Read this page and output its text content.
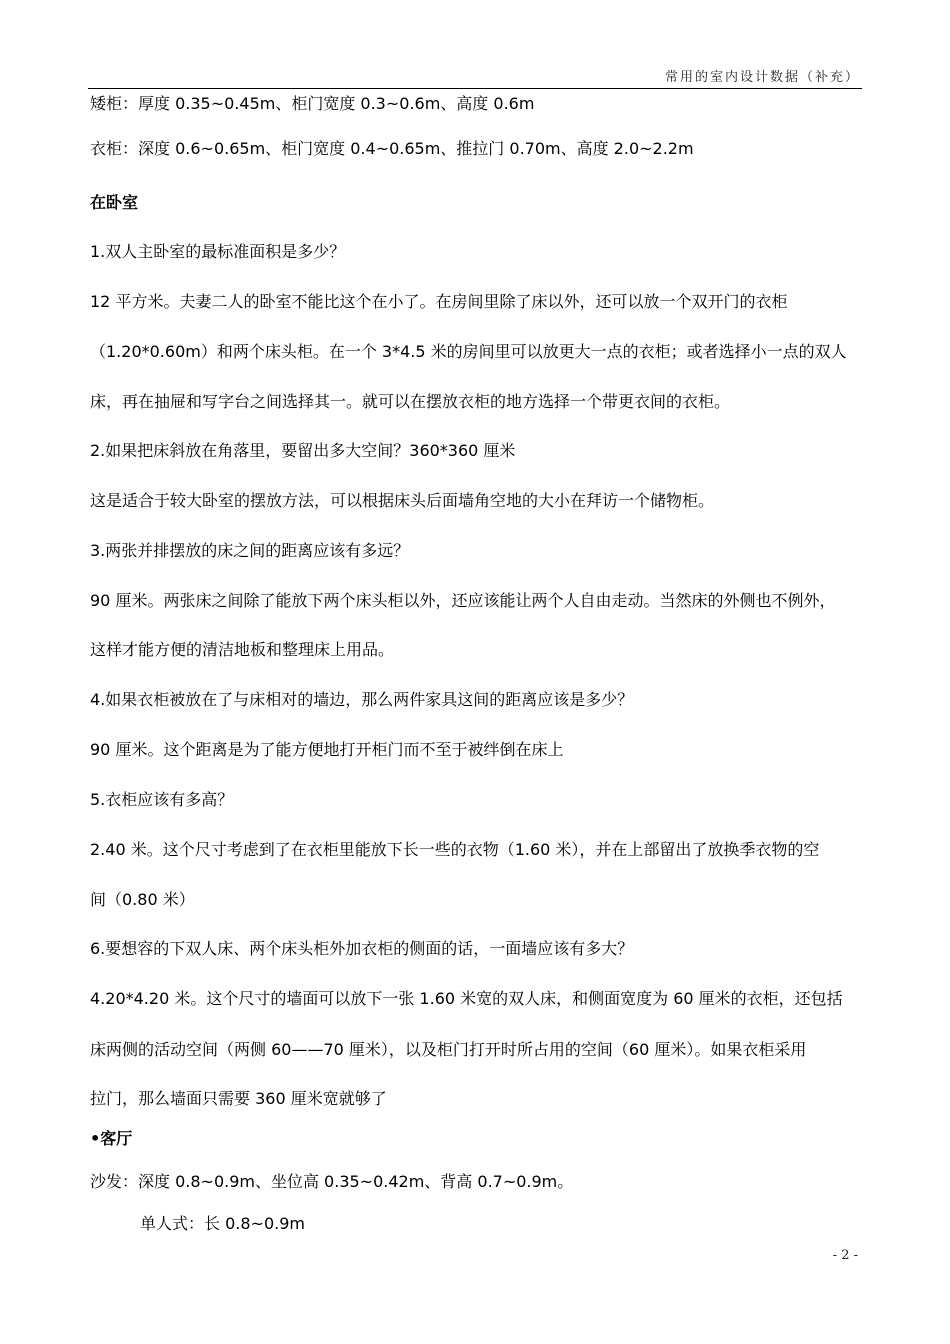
常用的室内设计数据（补充）
矮柜：厚度 0.35~0.45m、柜门宽度 0.3~0.6m、高度 0.6m
衣柜：深度 0.6~0.65m、柜门宽度 0.4~0.65m、推拉门 0.70m、高度 2.0~2.2m
在卧室
1.双人主卧室的最标准面积是多少？
12 平方米。夫妻二人的卧室不能比这个在小了。在房间里除了床以外，还可以放一个双开门的衣柜
（1.20*0.60m）和两个床头柜。在一个 3*4.5 米的房间里可以放更大一点的衣柜；或者选择小一点的双人
床，再在抽屉和写字台之间选择其一。就可以在摆放衣柜的地方选择一个带更衣间的衣柜。
2.如果把床斜放在角落里，要留出多大空间？360*360 厘米
这是适合于较大卧室的摆放方法，可以根据床头后面墙角空地的大小在拜访一个储物柜。
3.两张并排摆放的床之间的距离应该有多远？
90 厘米。两张床之间除了能放下两个床头柜以外，还应该能让两个人自由走动。当然床的外侧也不例外，
这样才能方便的清洁地板和整理床上用品。
4.如果衣柜被放在了与床相对的墙边，那么两件家具这间的距离应该是多少？
90 厘米。这个距离是为了能方便地打开柜门而不至于被绊倒在床上
5.衣柜应该有多高？
2.40 米。这个尺寸考虑到了在衣柜里能放下长一些的衣物（1.60 米），并在上部留出了放换季衣物的空
间（0.80 米）
6.要想容的下双人床、两个床头柜外加衣柜的侧面的话，一面墙应该有多大？
4.20*4.20 米。这个尺寸的墙面可以放下一张 1.60 米宽的双人床，和侧面宽度为 60 厘米的衣柜，还包括
床两侧的活动空间（两侧 60——70 厘米），以及柜门打开时所占用的空间（60 厘米）。如果衣柜采用
拉门，那么墙面只需要 360 厘米宽就够了
•客厅
沙发：深度 0.8~0.9m、坐位高 0.35~0.42m、背高 0.7~0.9m。
单人式：长 0.8~0.9m
- 2 -
